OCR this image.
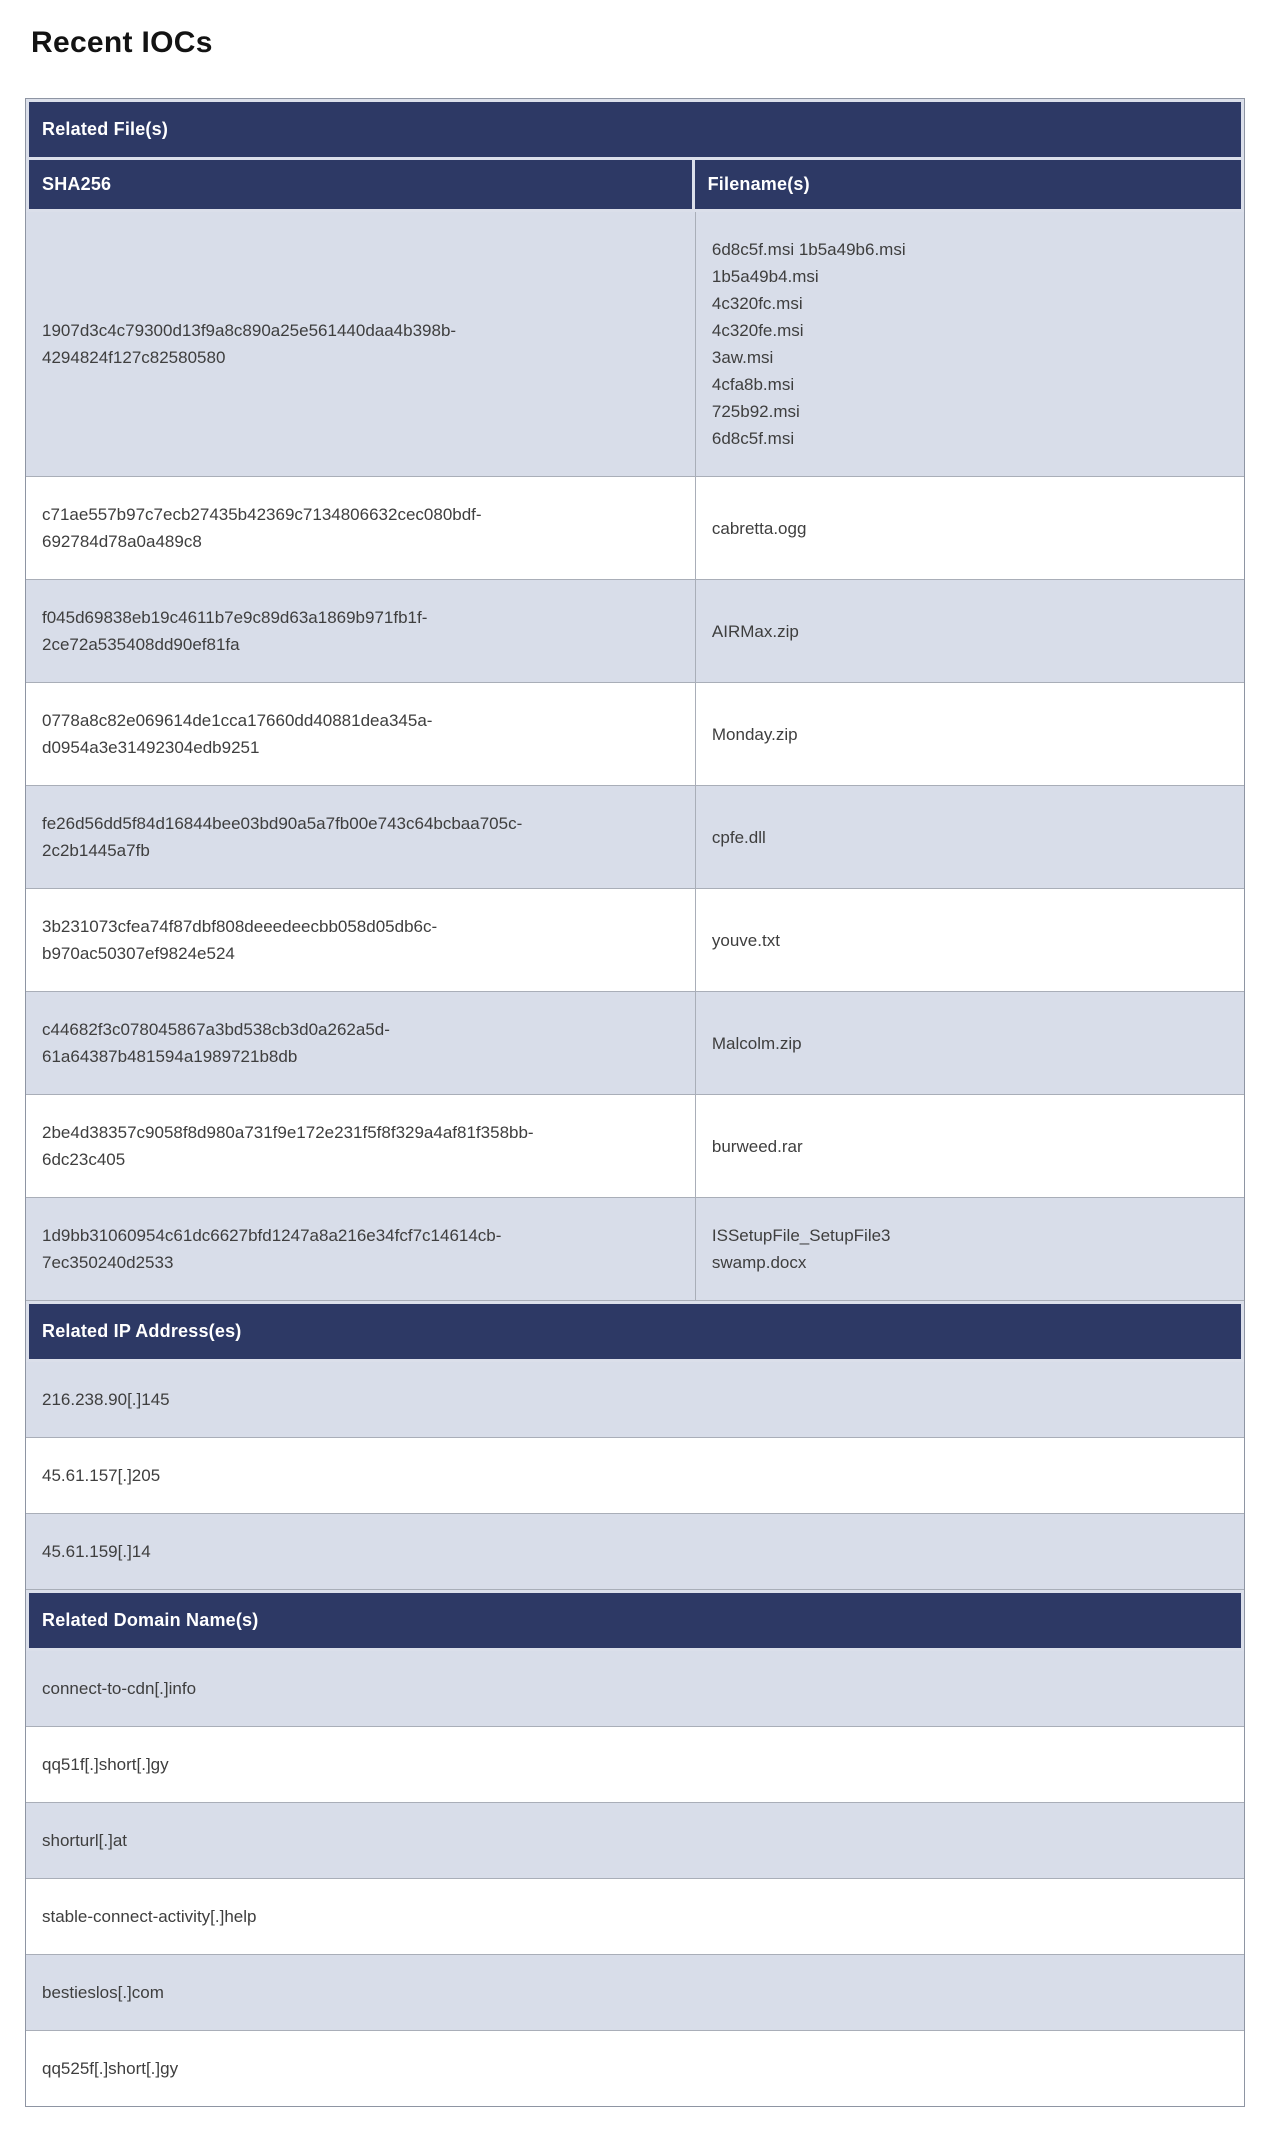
Recent IOCs
Related File(s)
SHA256	Filename(s)
1907d3c4c79300d13f9a8c890a25e561440daa4b398b-
4294824f127c82580580
6d8c5f.msi 1b5a49b6.msi
1b5a49b4.msi
4c320fc.msi
4c320fe.msi
3aw.msi
4cfa8b.msi
725b92.msi
6d8c5f.msi
c71ae557b97c7ecb27435b42369c7134806632cec080bdf-
692784d78a0a489c8
cabretta.ogg
f045d69838eb19c4611b7e9c89d63a1869b971fb1f-
2ce72a535408dd90ef81fa
AIRMax.zip
0778a8c82e069614de1cca17660dd40881dea345a-
d0954a3e31492304edb9251
Monday.zip
fe26d56dd5f84d16844bee03bd90a5a7fb00e743c64bcbaa705c-
2c2b1445a7fb
cpfe.dll
3b231073cfea74f87dbf808deeedeecbb058d05db6c-
b970ac50307ef9824e524
youve.txt
c44682f3c078045867a3bd538cb3d0a262a5d-
61a64387b481594a1989721b8db
Malcolm.zip
2be4d38357c9058f8d980a731f9e172e231f5f8f329a4af81f358bb-
6dc23c405
burweed.rar
1d9bb31060954c61dc6627bfd1247a8a216e34fcf7c14614cb-
7ec350240d2533
ISSetupFile_SetupFile3
swamp.docx
Related IP Address(es)
216.238.90[.]145
45.61.157[.]205
45.61.159[.]14
Related Domain Name(s)
connect-to-cdn[.]info
qq51f[.]short[.]gy
shorturl[.]at
stable-connect-activity[.]help
bestieslos[.]com
qq525f[.]short[.]gy
